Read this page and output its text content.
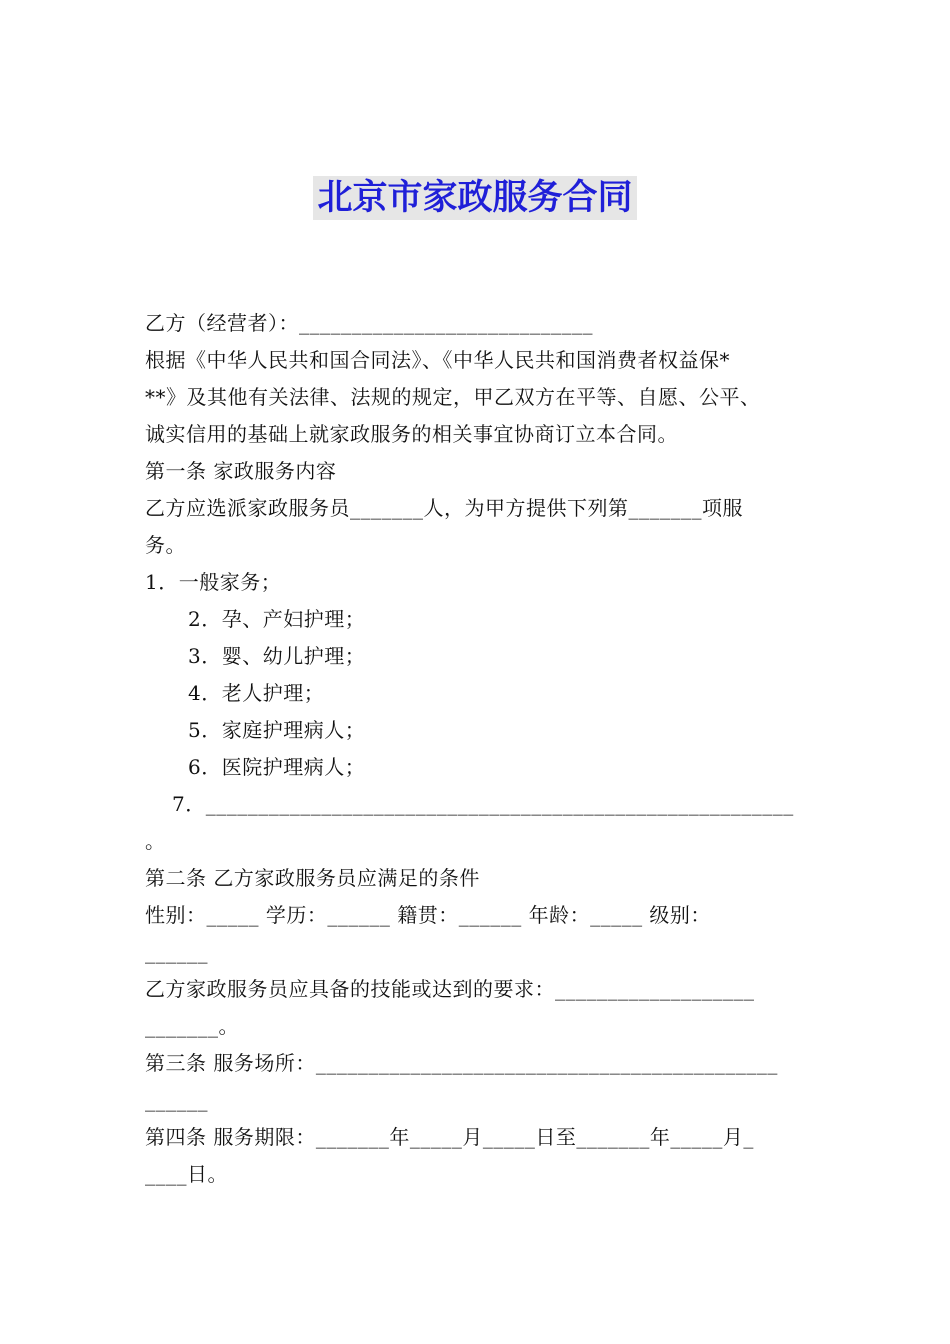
北京市家政服务合同
乙方（经营者）：____________________________
根据《中华人民共和国合同法》、《中华人民共和国消费者权益保*
**》及其他有关法律、法规的规定，甲乙双方在平等、自愿、公平、
诚实信用的基础上就家政服务的相关事宜协商订立本合同。
第一条 家政服务内容
乙方应选派家政服务员_______人，为甲方提供下列第_______项服
务。
1．一般家务；
2．孕、产妇护理；
3．婴、幼儿护理；
4．老人护理；
5．家庭护理病人；
6．医院护理病人；
7．________________________________________________________
。
第二条 乙方家政服务员应满足的条件
性别：_____ 学历：______ 籍贯：______ 年龄：_____ 级别：
______
乙方家政服务员应具备的技能或达到的要求：___________________
_______。
第三条 服务场所：____________________________________________
______
第四条 服务期限：_______年_____月_____日至_______年_____月_
____日。
